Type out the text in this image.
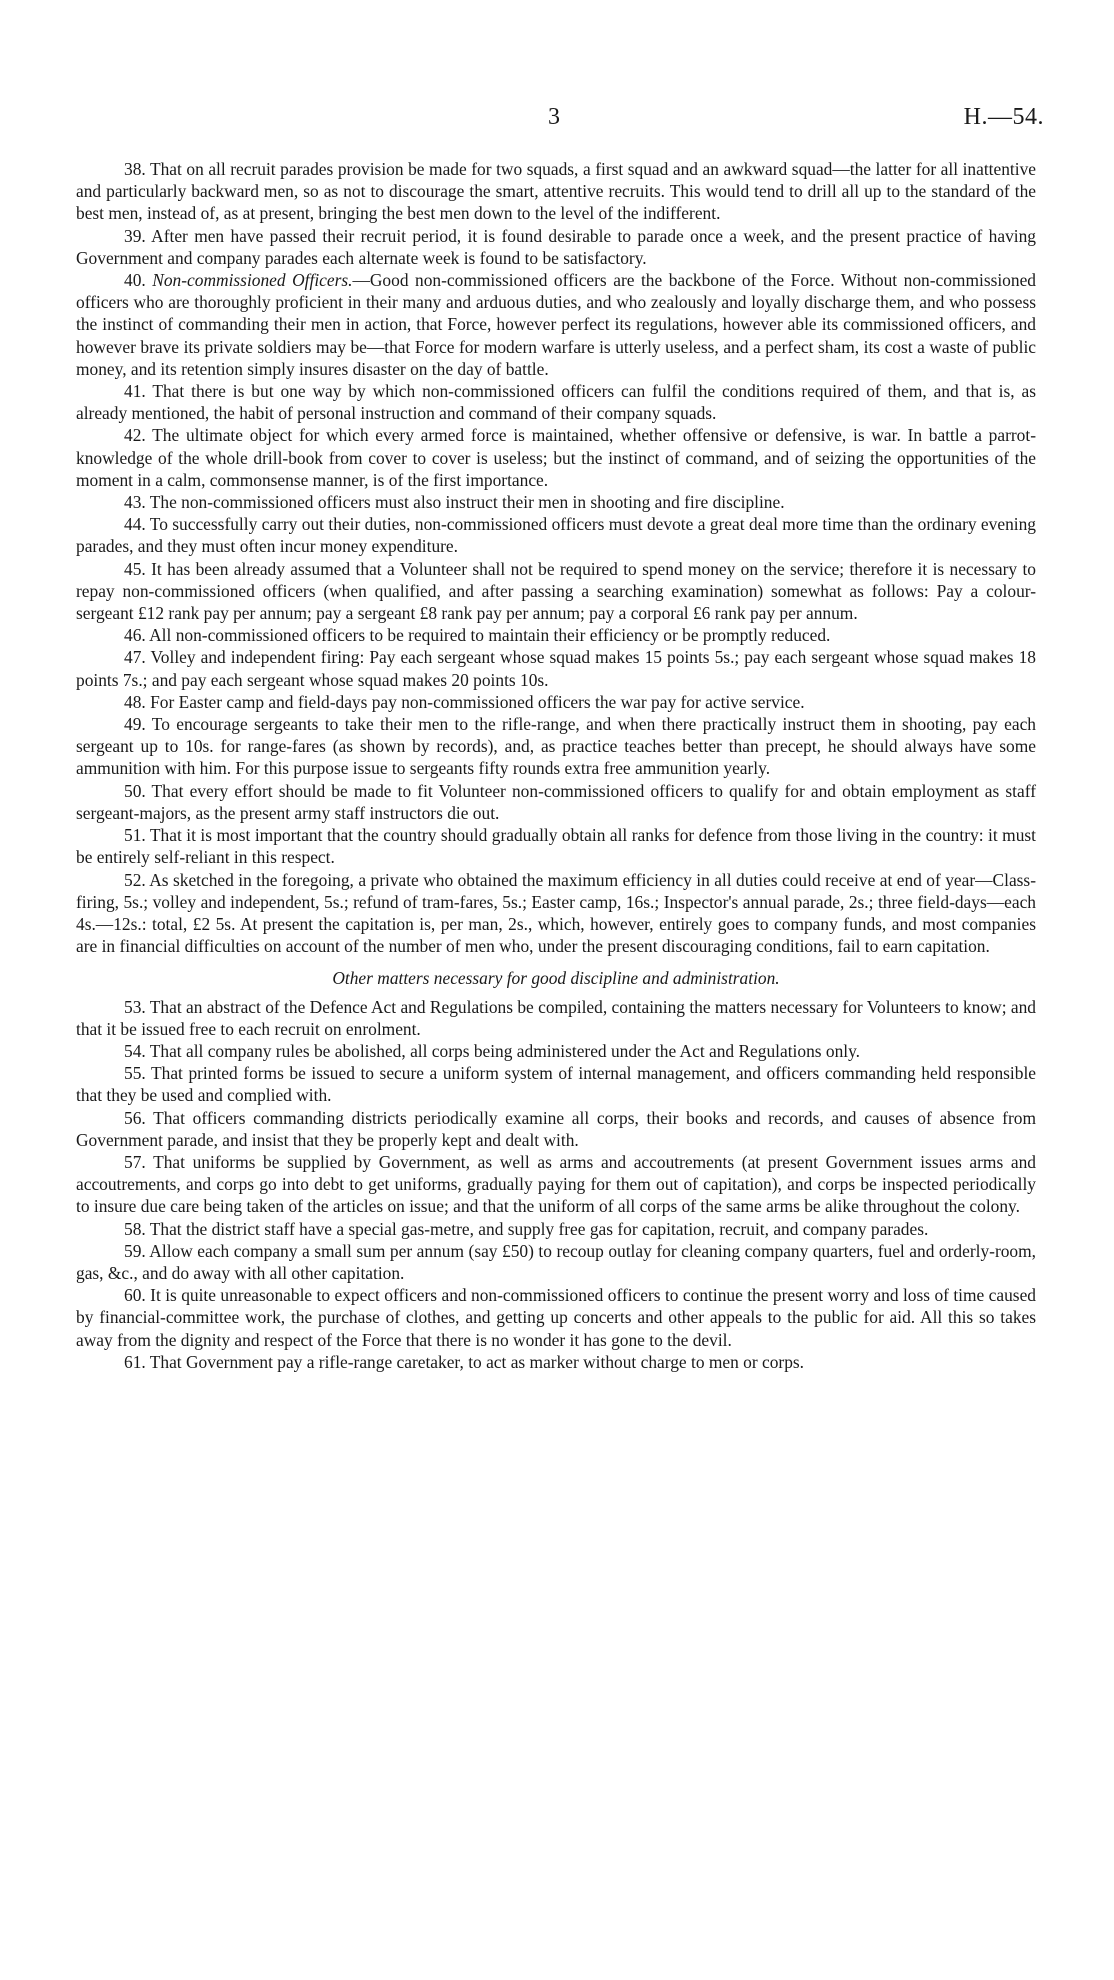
3	H.—54.

38. That on all recruit parades provision be made for two squads, a first squad and an awkward squad—the latter for all inattentive and particularly backward men, so as not to discourage the smart, attentive recruits. This would tend to drill all up to the standard of the best men, instead of, as at present, bringing the best men down to the level of the indifferent.

39. After men have passed their recruit period, it is found desirable to parade once a week, and the present practice of having Government and company parades each alternate week is found to be satisfactory.

40. Non-commissioned Officers.—Good non-commissioned officers are the backbone of the Force. Without non-commissioned officers who are thoroughly proficient in their many and arduous duties, and who zealously and loyally discharge them, and who possess the instinct of commanding their men in action, that Force, however perfect its regulations, however able its commissioned officers, and however brave its private soldiers may be—that Force for modern warfare is utterly useless, and a perfect sham, its cost a waste of public money, and its retention simply insures disaster on the day of battle.

41. That there is but one way by which non-commissioned officers can fulfil the conditions required of them, and that is, as already mentioned, the habit of personal instruction and command of their company squads.

42. The ultimate object for which every armed force is maintained, whether offensive or defensive, is war. In battle a parrot-knowledge of the whole drill-book from cover to cover is useless; but the instinct of command, and of seizing the opportunities of the moment in a calm, commonsense manner, is of the first importance.

43. The non-commissioned officers must also instruct their men in shooting and fire discipline.

44. To successfully carry out their duties, non-commissioned officers must devote a great deal more time than the ordinary evening parades, and they must often incur money expenditure.

45. It has been already assumed that a Volunteer shall not be required to spend money on the service; therefore it is necessary to repay non-commissioned officers (when qualified, and after passing a searching examination) somewhat as follows: Pay a colour-sergeant £12 rank pay per annum; pay a sergeant £8 rank pay per annum; pay a corporal £6 rank pay per annum.

46. All non-commissioned officers to be required to maintain their efficiency or be promptly reduced.

47. Volley and independent firing: Pay each sergeant whose squad makes 15 points 5s.; pay each sergeant whose squad makes 18 points 7s.; and pay each sergeant whose squad makes 20 points 10s.

48. For Easter camp and field-days pay non-commissioned officers the war pay for active service.

49. To encourage sergeants to take their men to the rifle-range, and when there practically instruct them in shooting, pay each sergeant up to 10s. for range-fares (as shown by records), and, as practice teaches better than precept, he should always have some ammunition with him. For this purpose issue to sergeants fifty rounds extra free ammunition yearly.

50. That every effort should be made to fit Volunteer non-commissioned officers to qualify for and obtain employment as staff sergeant-majors, as the present army staff instructors die out.

51. That it is most important that the country should gradually obtain all ranks for defence from those living in the country: it must be entirely self-reliant in this respect.

52. As sketched in the foregoing, a private who obtained the maximum efficiency in all duties could receive at end of year—Class-firing, 5s.; volley and independent, 5s.; refund of tram-fares, 5s.; Easter camp, 16s.; Inspector's annual parade, 2s.; three field-days—each 4s.—12s.: total, £2 5s. At present the capitation is, per man, 2s., which, however, entirely goes to company funds, and most companies are in financial difficulties on account of the number of men who, under the present discouraging conditions, fail to earn capitation.

Other matters necessary for good discipline and administration.

53. That an abstract of the Defence Act and Regulations be compiled, containing the matters necessary for Volunteers to know; and that it be issued free to each recruit on enrolment.

54. That all company rules be abolished, all corps being administered under the Act and Regulations only.

55. That printed forms be issued to secure a uniform system of internal management, and officers commanding held responsible that they be used and complied with.

56. That officers commanding districts periodically examine all corps, their books and records, and causes of absence from Government parade, and insist that they be properly kept and dealt with.

57. That uniforms be supplied by Government, as well as arms and accoutrements (at present Government issues arms and accoutrements, and corps go into debt to get uniforms, gradually paying for them out of capitation), and corps be inspected periodically to insure due care being taken of the articles on issue; and that the uniform of all corps of the same arms be alike throughout the colony.

58. That the district staff have a special gas-metre, and supply free gas for capitation, recruit, and company parades.

59. Allow each company a small sum per annum (say £50) to recoup outlay for cleaning company quarters, fuel and orderly-room, gas, &c., and do away with all other capitation.

60. It is quite unreasonable to expect officers and non-commissioned officers to continue the present worry and loss of time caused by financial-committee work, the purchase of clothes, and getting up concerts and other appeals to the public for aid. All this so takes away from the dignity and respect of the Force that there is no wonder it has gone to the devil.

61. That Government pay a rifle-range caretaker, to act as marker without charge to men or corps.
